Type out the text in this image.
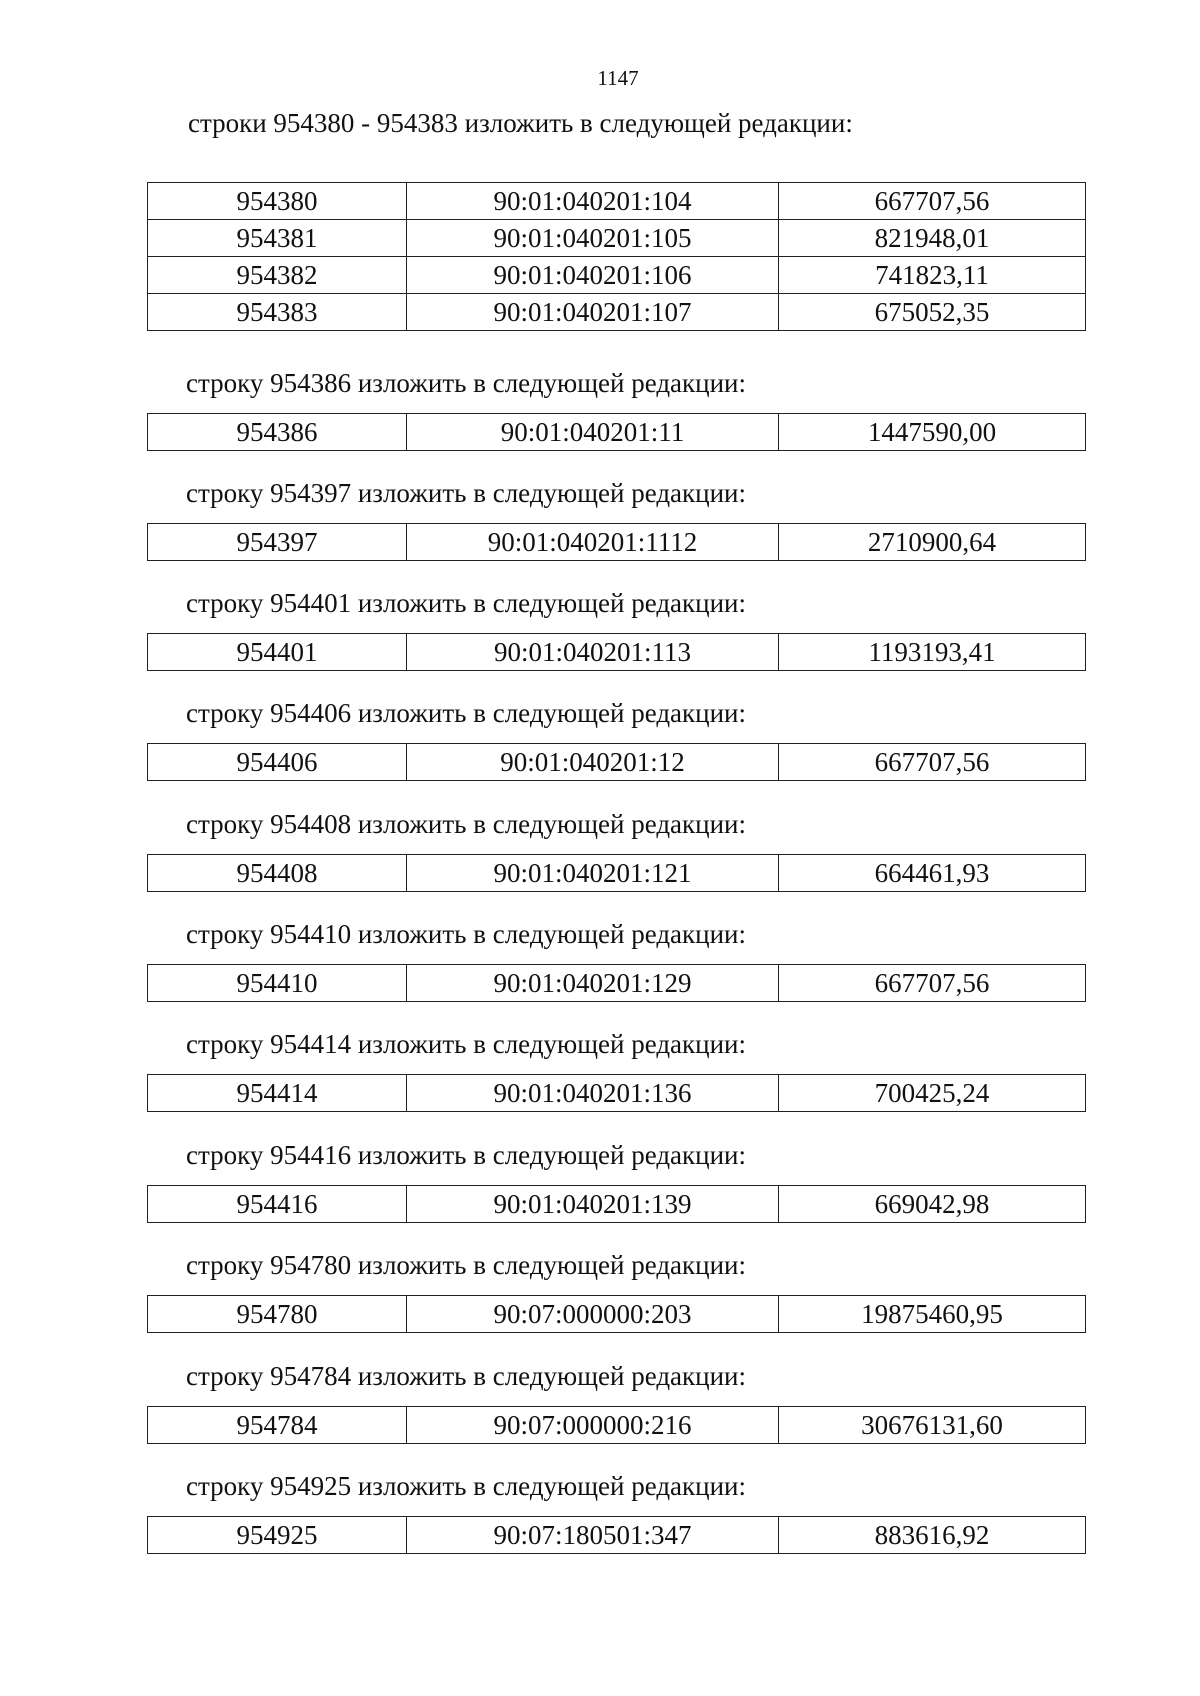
1147
строки 954380 - 954383 изложить в следующей редакции:
954380	90:01:040201:104	667707,56
954381	90:01:040201:105	821948,01
954382	90:01:040201:106	741823,11
954383	90:01:040201:107	675052,35
строку 954386 изложить в следующей редакции:
954386	90:01:040201:11	1447590,00
строку 954397 изложить в следующей редакции:
954397	90:01:040201:1112	2710900,64
строку 954401 изложить в следующей редакции:
954401	90:01:040201:113	1193193,41
строку 954406 изложить в следующей редакции:
954406	90:01:040201:12	667707,56
строку 954408 изложить в следующей редакции:
954408	90:01:040201:121	664461,93
строку 954410 изложить в следующей редакции:
954410	90:01:040201:129	667707,56
строку 954414 изложить в следующей редакции:
954414	90:01:040201:136	700425,24
строку 954416 изложить в следующей редакции:
954416	90:01:040201:139	669042,98
строку 954780 изложить в следующей редакции:
954780	90:07:000000:203	19875460,95
строку 954784 изложить в следующей редакции:
954784	90:07:000000:216	30676131,60
строку 954925 изложить в следующей редакции:
954925	90:07:180501:347	883616,92
